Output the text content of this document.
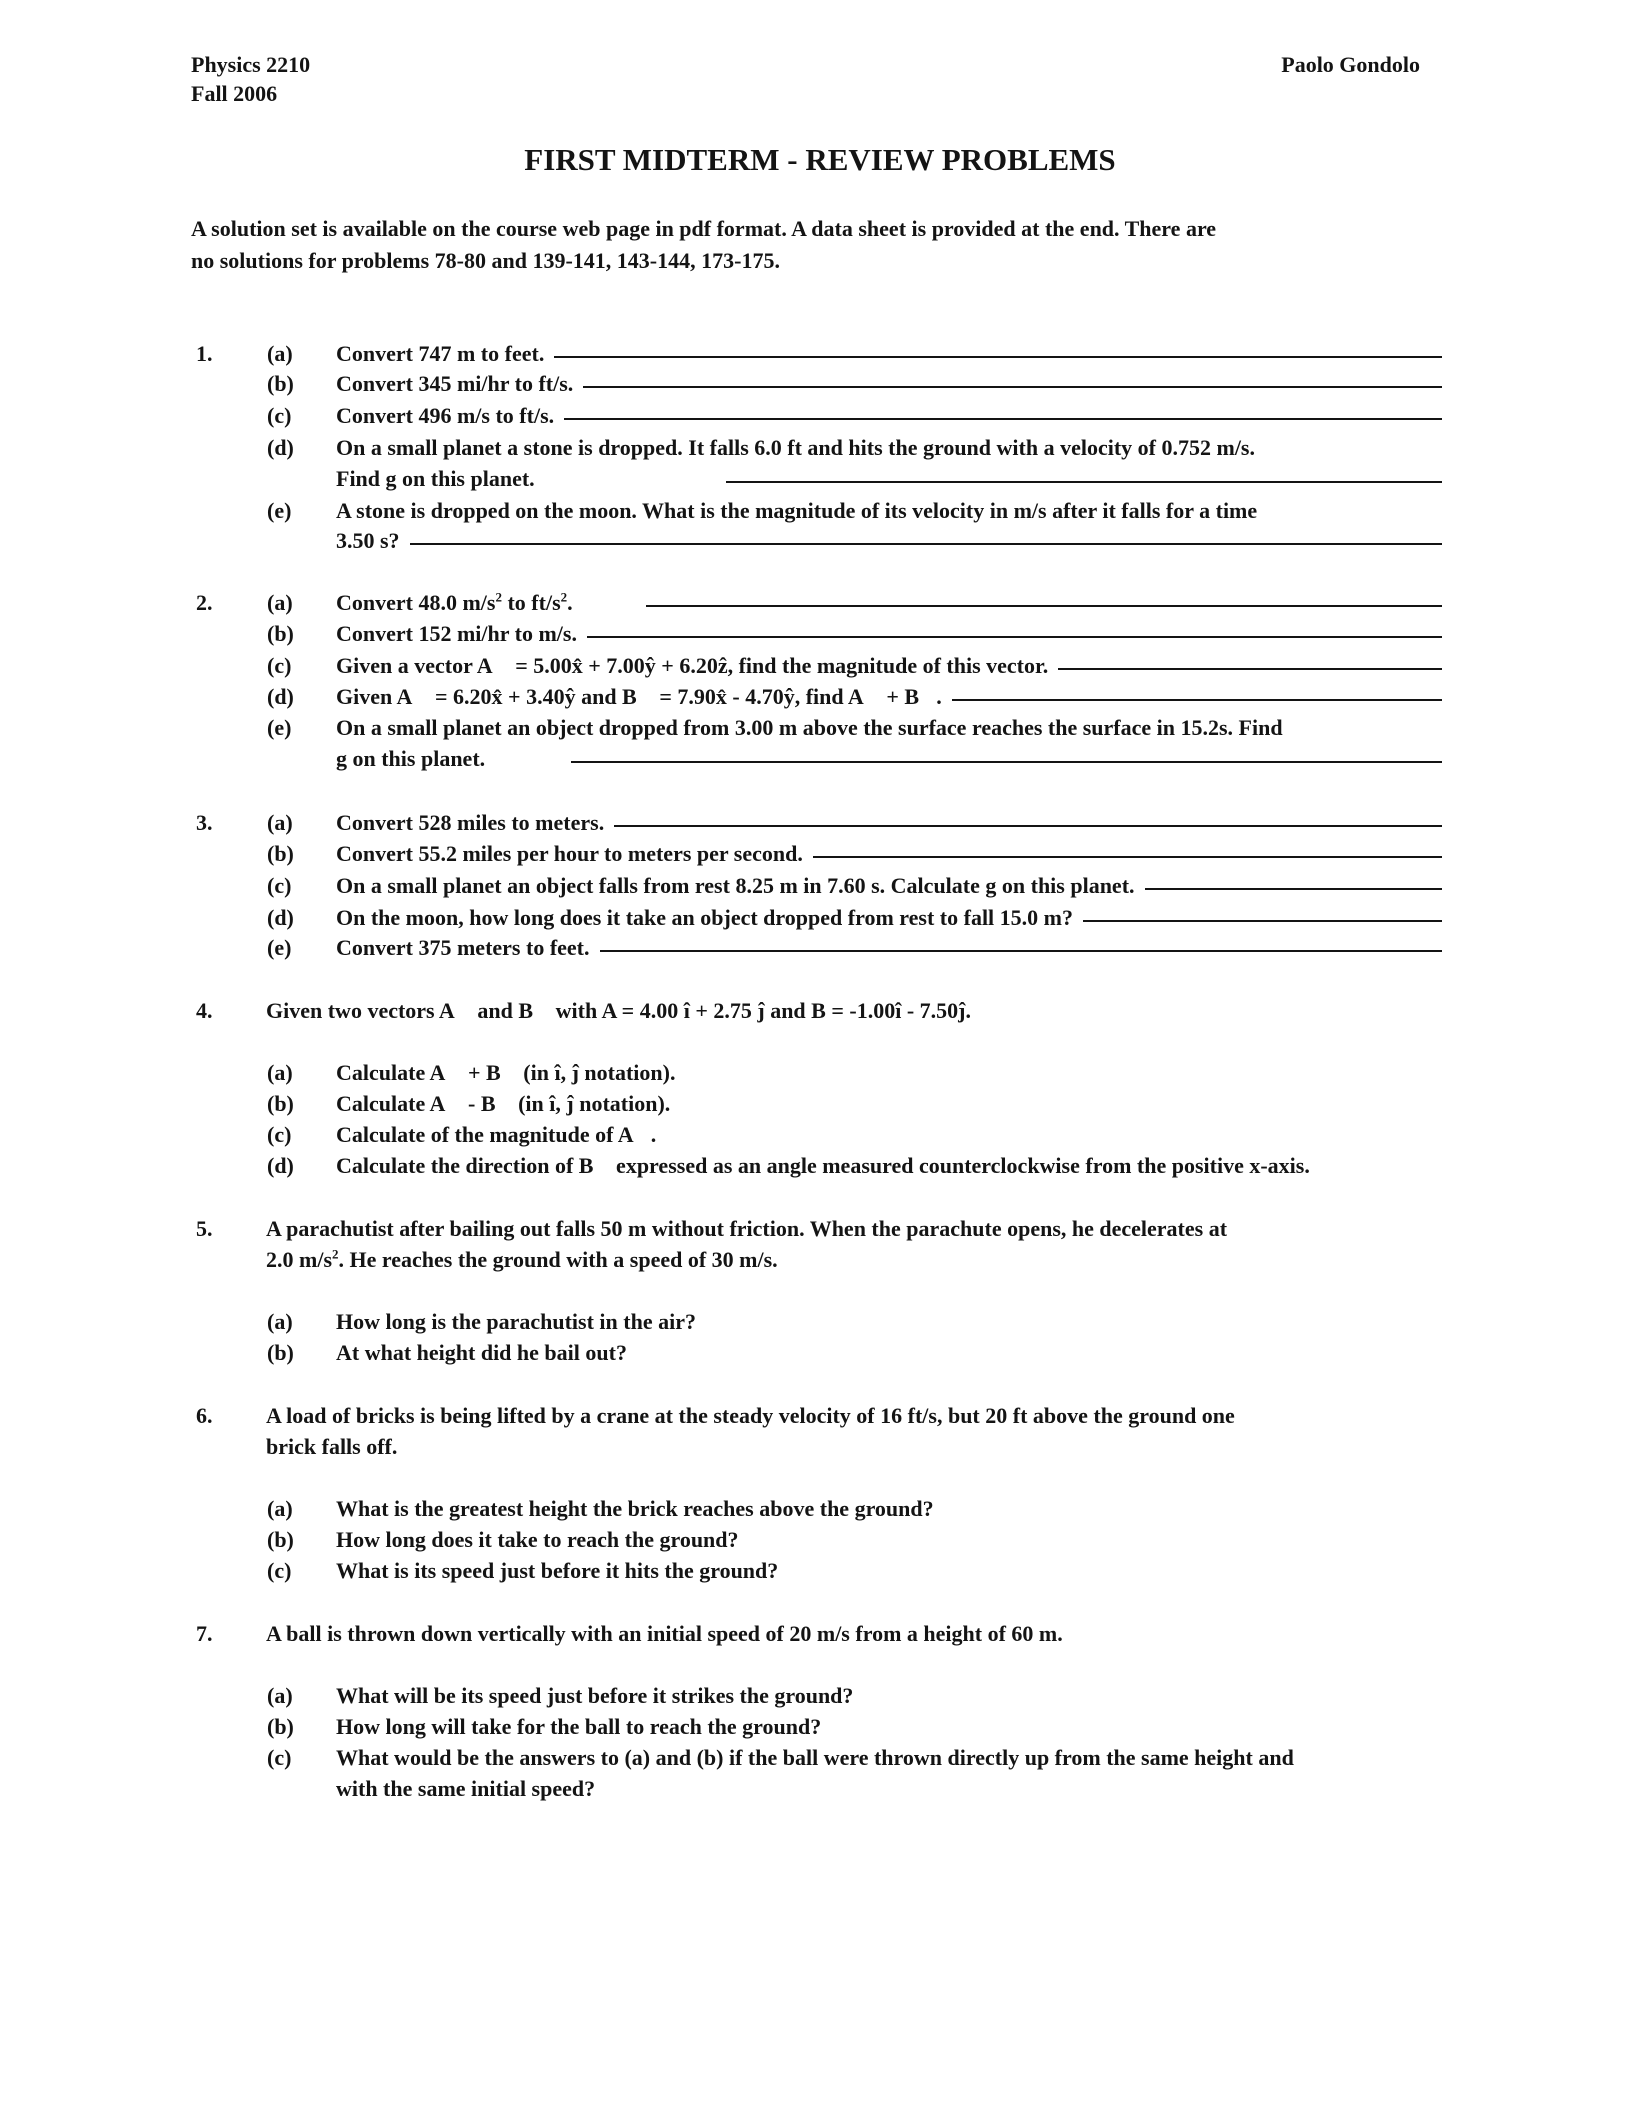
Physics 2210
Fall 2006
Paolo Gondolo
FIRST MIDTERM - REVIEW PROBLEMS
A solution set is available on the course web page in pdf format. A data sheet is provided at the end. There are
no solutions for problems 78-80 and 139-141, 143-144, 173-175.
1.	(a)	Convert 747 m to feet.
(b)	Convert 345 mi/hr to ft/s.
(c)	Convert 496 m/s to ft/s.
(d)	On a small planet a stone is dropped. It falls 6.0 ft and hits the ground with a velocity of 0.752 m/s.
Find g on this planet.
(e)	A stone is dropped on the moon. What is the magnitude of its velocity in m/s after it falls for a time
3.50 s?
2.	(a)	Convert 48.0 $m/s^2$ to $ft/s^2$.
(b)	Convert 152 mi/hr to m/s.
(c)	Given a vector A⃗ = 5.00x̂ + 7.00ŷ + 6.20ẑ, find the magnitude of this vector.
(d)	Given A⃗ = 6.20x̂ + 3.40ŷ and B⃗ = 7.90x̂ - 4.70ŷ, find A⃗ + B⃗.
(e)	On a small planet an object dropped from 3.00 m above the surface reaches the surface in 15.2s. Find
g on this planet.
3.	(a)	Convert 528 miles to meters.
(b)	Convert 55.2 miles per hour to meters per second.
(c)	On a small planet an object falls from rest 8.25 m in 7.60 s. Calculate g on this planet.
(d)	On the moon, how long does it take an object dropped from rest to fall 15.0 m?
(e)	Convert 375 meters to feet.
4.	Given two vectors A⃗ and B⃗ with A = 4.00 î + 2.75 ĵ and B = -1.00î - 7.50ĵ.
(a)	Calculate A⃗ + B⃗ (in î, ĵ notation).
(b)	Calculate A⃗ - B⃗ (in î, ĵ notation).
(c)	Calculate of the magnitude of A⃗.
(d)	Calculate the direction of B⃗ expressed as an angle measured counterclockwise from the positive x-axis.
5.	A parachutist after bailing out falls 50 m without friction. When the parachute opens, he decelerates at
2.0 $m/s^2$. He reaches the ground with a speed of 30 m/s.
(a)	How long is the parachutist in the air?
(b)	At what height did he bail out?
6.	A load of bricks is being lifted by a crane at the steady velocity of 16 ft/s, but 20 ft above the ground one
brick falls off.
(a)	What is the greatest height the brick reaches above the ground?
(b)	How long does it take to reach the ground?
(c)	What is its speed just before it hits the ground?
7.	A ball is thrown down vertically with an initial speed of 20 m/s from a height of 60 m.
(a)	What will be its speed just before it strikes the ground?
(b)	How long will take for the ball to reach the ground?
(c)	What would be the answers to (a) and (b) if the ball were thrown directly up from the same height and
with the same initial speed?
